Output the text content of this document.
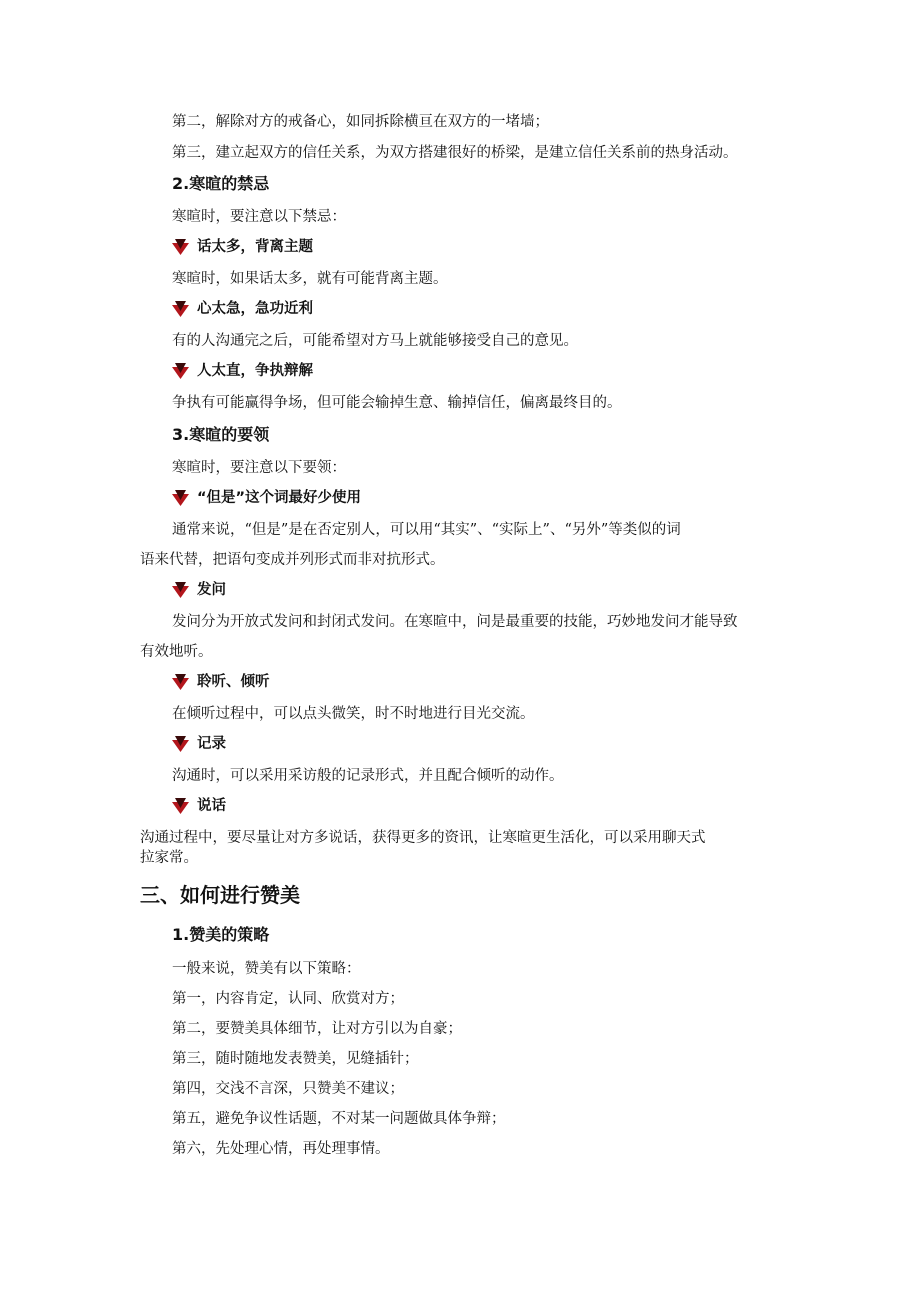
第二，解除对方的戒备心，如同拆除横亘在双方的一堵墙；
第三，建立起双方的信任关系，为双方搭建很好的桥梁，是建立信任关系前的热身活动。
2.寒暄的禁忌
寒暄时，要注意以下禁忌：
话太多，背离主题
寒暄时，如果话太多，就有可能背离主题。
心太急，急功近利
有的人沟通完之后，可能希望对方马上就能够接受自己的意见。
人太直，争执辩解
争执有可能赢得争场，但可能会输掉生意、输掉信任，偏离最终目的。
3.寒暄的要领
寒暄时，要注意以下要领：
“但是”这个词最好少使用
通常来说，“但是”是在否定别人，可以用“其实”、“实际上”、“另外”等类似的词
语来代替，把语句变成并列形式而非对抗形式。
发问
发问分为开放式发问和封闭式发问。在寒暄中，问是最重要的技能，巧妙地发问才能导致
有效地听。
聆听、倾听
在倾听过程中，可以点头微笑，时不时地进行目光交流。
记录
沟通时，可以采用采访般的记录形式，并且配合倾听的动作。
说话
沟通过程中，要尽量让对方多说话，获得更多的资讯，让寒暄更生活化，可以采用聊天式
拉家常。
三、如何进行赞美
1.赞美的策略
一般来说，赞美有以下策略：
第一，内容肯定，认同、欣赏对方；
第二，要赞美具体细节，让对方引以为自豪；
第三，随时随地发表赞美，见缝插针；
第四，交浅不言深，只赞美不建议；
第五，避免争议性话题，不对某一问题做具体争辩；
第六，先处理心情，再处理事情。
